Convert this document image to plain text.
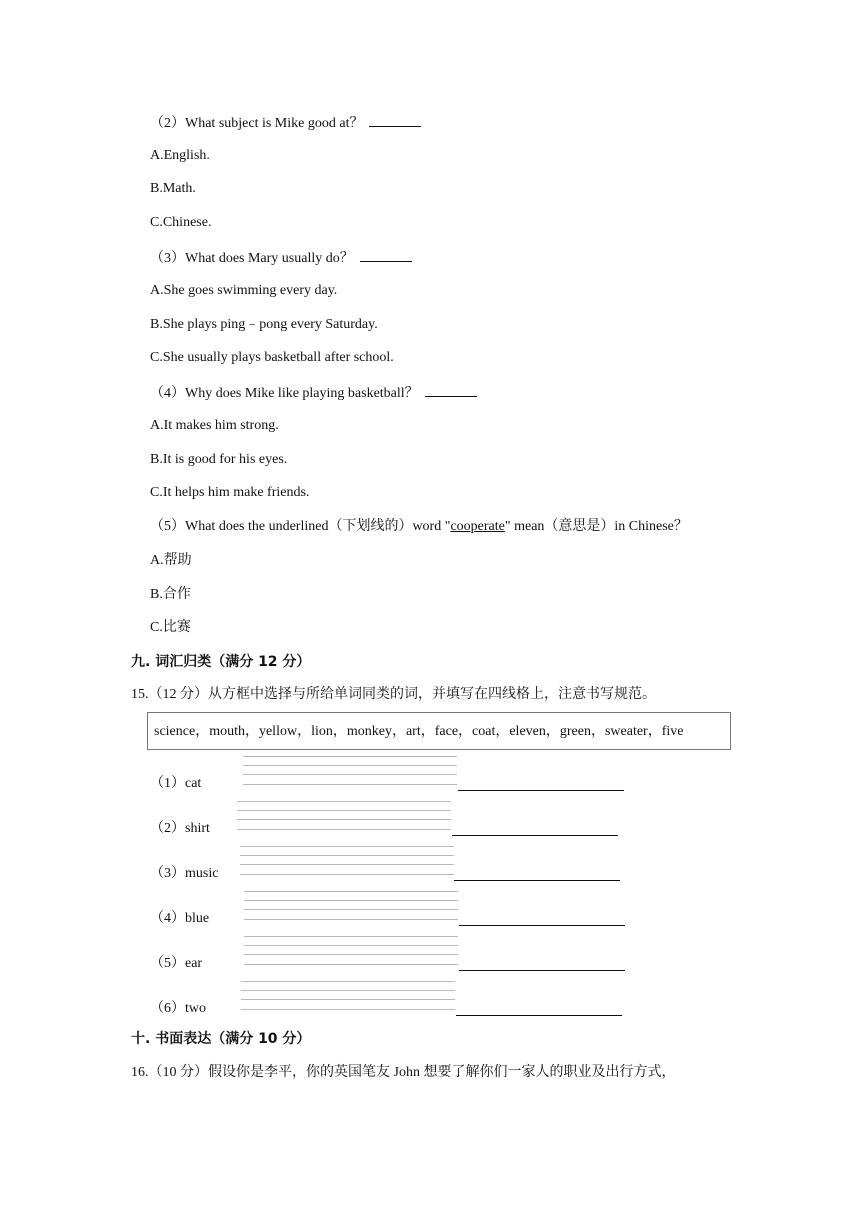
（2）What subject is Mike good at？
A.English.
B.Math.
C.Chinese.
（3）What does Mary usually do？
A.She goes swimming every day.
B.She plays ping﹣pong every Saturday.
C.She usually plays basketball after school.
（4）Why does Mike like playing basketball？
A.It makes him strong.
B.It is good for his eyes.
C.It helps him make friends.
（5）What does the underlined（下划线的）word "cooperate" mean（意思是）in Chinese？
A.帮助
B.合作
C.比赛
九. 词汇归类（满分 12 分）
15.（12 分）从方框中选择与所给单词同类的词，并填写在四线格上，注意书写规范。
science，mouth，yellow，lion，monkey，art，face，coat，eleven，green，sweater，five
（1）cat
（2）shirt
（3）music
（4）blue
（5）ear
（6）two
十. 书面表达（满分 10 分）
16.（10 分）假设你是李平，你的英国笔友 John 想要了解你们一家人的职业及出行方式，
